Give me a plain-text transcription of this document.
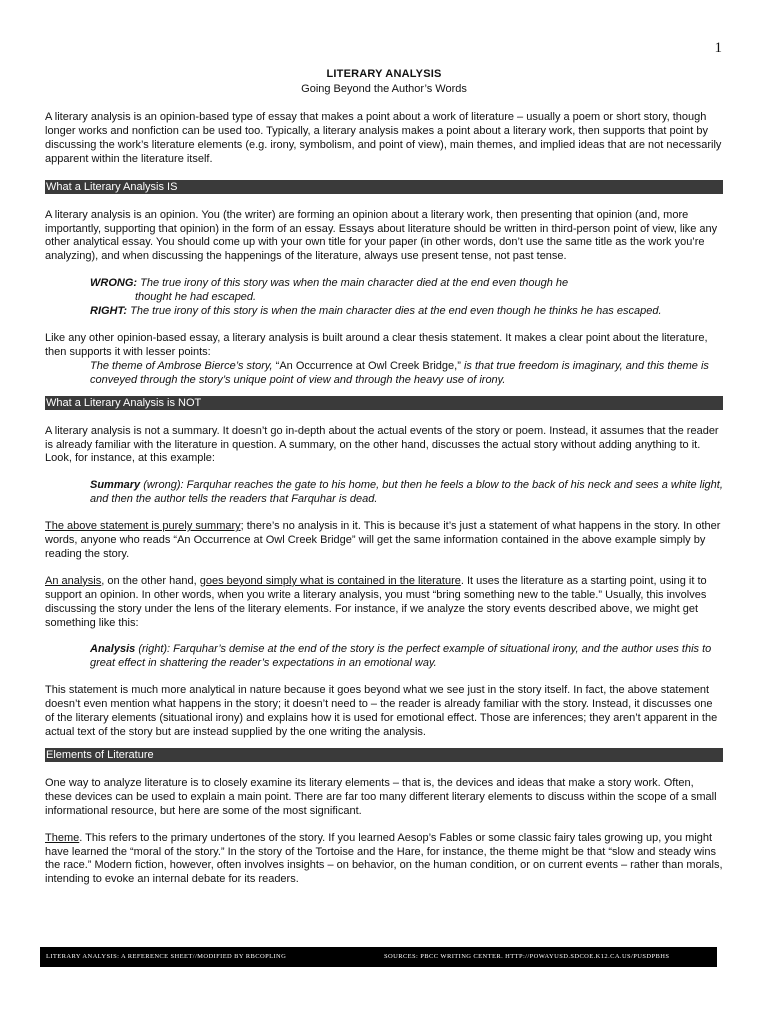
1
LITERARY ANALYSIS
Going Beyond the Author’s Words

A literary analysis is an opinion-based type of essay that makes a point about a work of literature – usually a poem or short story, though longer works and nonfiction can be used too. Typically, a literary analysis makes a point about a literary work, then supports that point by discussing the work’s literature elements (e.g. irony, symbolism, and point of view), main themes, and implied ideas that are not necessarily apparent within the literature itself.

What a Literary Analysis IS

A literary analysis is an opinion. You (the writer) are forming an opinion about a literary work, then presenting that opinion (and, more importantly, supporting that opinion) in the form of an essay. Essays about literature should be written in third-person point of view, like any other analytical essay. You should come up with your own title for your paper (in other words, don’t use the same title as the work you’re analyzing), and when discussing the happenings of the literature, always use present tense, not past tense.

WRONG: The true irony of this story was when the main character died at the end even though he
thought he had escaped.
RIGHT: The true irony of this story is when the main character dies at the end even though he thinks he has escaped.

Like any other opinion-based essay, a literary analysis is built around a clear thesis statement. It makes a clear point about the literature, then supports it with lesser points:

The theme of Ambrose Bierce’s story, “An Occurrence at Owl Creek Bridge,” is that true freedom is imaginary, and this theme is conveyed through the story’s unique point of view and through the heavy use of irony.
What a Literary Analysis is NOT

A literary analysis is not a summary. It doesn’t go in-depth about the actual events of the story or poem. Instead, it assumes that the reader is already familiar with the literature in question. A summary, on the other hand, discusses the actual story without adding anything to it. Look, for instance, at this example:

Summary (wrong): Farquhar reaches the gate to his home, but then he feels a blow to the back of his neck and sees a white light, and then the author tells the readers that Farquhar is dead.

The above statement is purely summary; there’s no analysis in it. This is because it’s just a statement of what happens in the story. In other words, anyone who reads “An Occurrence at Owl Creek Bridge” will get the same information contained in the above example simply by reading the story.

An analysis, on the other hand, goes beyond simply what is contained in the literature. It uses the literature as a starting point, using it to support an opinion. In other words, when you write a literary analysis, you must “bring something new to the table.” Usually, this involves discussing the story under the lens of the literary elements. For instance, if we analyze the story events described above, we might get something like this:

Analysis (right): Farquhar’s demise at the end of the story is the perfect example of situational irony, and the author uses this to great effect in shattering the reader’s expectations in an emotional way.

This statement is much more analytical in nature because it goes beyond what we see just in the story itself. In fact, the above statement doesn’t even mention what happens in the story; it doesn’t need to – the reader is already familiar with the story. Instead, it discusses one of the literary elements (situational irony) and explains how it is used for emotional effect. Those are inferences; they aren’t apparent in the actual text of the story but are instead supplied by the one writing the analysis.

Elements of Literature

One way to analyze literature is to closely examine its literary elements – that is, the devices and ideas that make a story work. Often, these devices can be used to explain a main point. There are far too many different literary elements to discuss within the scope of a small informational resource, but here are some of the most significant.

Theme. This refers to the primary undertones of the story. If you learned Aesop’s Fables or some classic fairy tales growing up, you might have learned the “moral of the story.” In the story of the Tortoise and the Hare, for instance, the theme might be that “slow and steady wins the race.” Modern fiction, however, often involves insights – on behavior, on the human condition, or on current events – rather than morals, intending to evoke an internal debate for its readers.

LITERARY ANALYSIS: A REFERENCE SHEET//MODIFIED BY RBCOPLING	SOURCES: PBCC WRITING CENTER. HTTP://POWAYUSD.SDCOE.K12.CA.US/PUSDPBHS
